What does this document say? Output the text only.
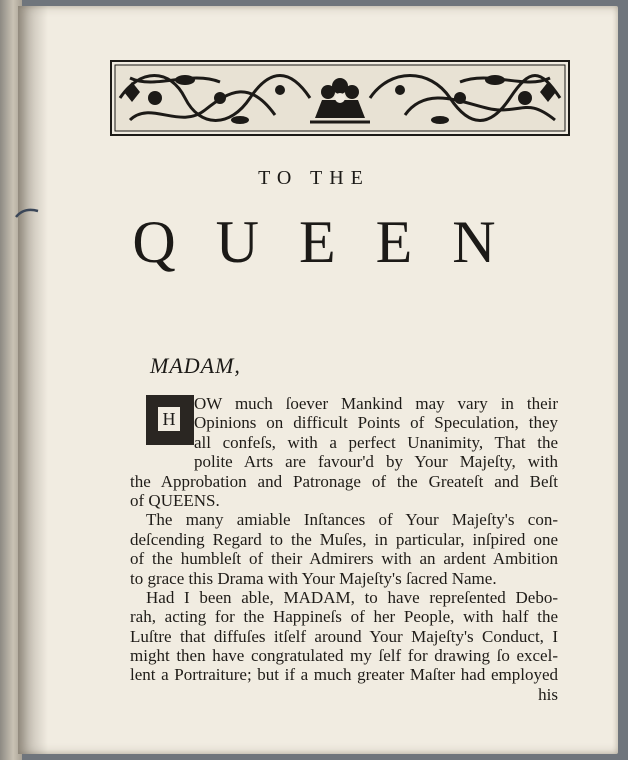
TO THE
QUEEN
MADAM,
H
OW much ſoever Mankind may vary in their
Opinions on difficult Points of Speculation, they
all confeſs, with a perfect Unanimity, That the
polite Arts are favour'd by Your Majeſty, with
the Approbation and Patronage of the Greateſt and Beſt
of QUEENS.
The many amiable Inſtances of Your Majeſty's con-
deſcending Regard to the Muſes, in particular, inſpired one
of the humbleſt of their Admirers with an ardent Ambition
to grace this Drama with Your Majeſty's ſacred Name.
Had I been able, MADAM, to have repreſented Debo-
rah, acting for the Happineſs of her People, with half the
Luſtre that diffuſes itſelf around Your Majeſty's Conduct, I
might then have congratulated my ſelf for drawing ſo excel-
lent a Portraiture; but if a much greater Maſter had employed
his
